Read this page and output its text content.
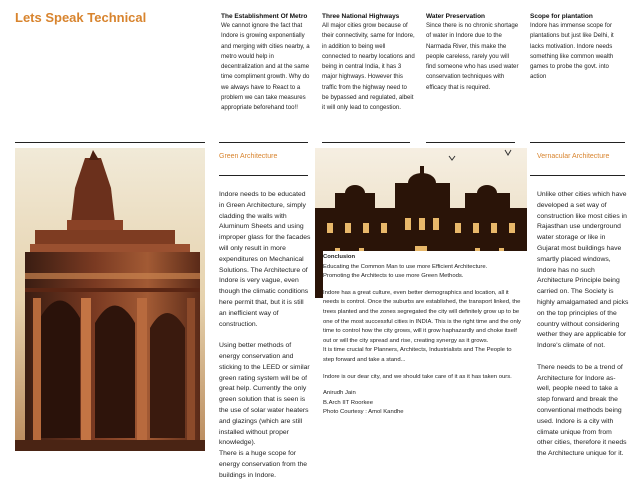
Lets Speak Technical	The Establishment Of Metro
We cannot ignore the fact that
Indore is growing exponentially
and merging with cities nearby, a
metro would help in
decentralization and at the same
time compliment growth. Why do
we always have to React to a
problem we can take measures
appropriate beforehand too!!
Three National Highways
All major cities grow because of
their connectivity, same for Indore,
in addition to being well
connected to nearby locations and
being in central India, it has 3
major highways. However this
traffic from the highway need to
be bypassed and regulated, albeit
it will only lead to congestion.
Water Preservation
Since there is no chronic shortage
of water in Indore due to the
Narmada River, this make the
people careless, rarely you will
find someone who has used water
conservation techniques with
efficacy that is required.
Scope for plantation
Indore has immense scope for
plantations but just like Delhi, it
lacks motivation. Indore needs
something like common wealth
games to probe the govt. into
action
Green Architecture	Vernacular Architecture
Indore needs to be educated
in Green Architecture, simply
cladding the walls with
Aluminum Sheets and using
improper glass for the facades
will only result in more
expenditures on Mechanical
Solutions. The Architecture of
Indore is very vague, even
though the climatic conditions
here permit that, but it is still
an inefficient way of
construction.

Using better methods of
energy conservation and
sticking to the LEED or similar
green rating system will be of
great help. Currently the only
green solution that is seen is
the use of solar water heaters
and glazings (which are still
installed without proper
knowledge).
There is a huge scope for
energy conservation from the
buildings in Indore.
Unlike other cities which have
developed a set way of
construction like most cities in
Rajasthan use underground
water storage or like in
Gujarat most buildings have
smartly placed windows,
Indore has no such
Architecture Principle being
carried on. The Society is
highly amalgamated and picks
on the top principles of the
country without considering
wether they are applicable for
Indore's climate of not.

There needs to be a trend of
Architecture for Indore as-
well, people need to take a
step forward and break the
conventional methods being
used. Indore is a city with
climate unique from from
other cities, therefore it needs
the Architecture unique for it.
Conclusion
Educating the Common Man to use more Efficient Architecture.
Promoting the Architects to use more Green Methods.
Indore has a great culture, even better demographics and location, all it
needs is control. Once the suburbs are established, the transport linked, the
trees planted and the zones segregated the city will definitely grow up to be
one of the most successful cities in INDIA. This is the right time and the only
time to control how the city grows, will it grow haphazardly and choke itself
out or will the city spread and rise, creating synergy as it grows.
It is time crucial for Planners, Architects, Industrialists and The People to
step forward and take a stand...
Indore is our dear city, and we should take care of it as it has taken ours.
Anirudh Jain
B.Arch IIT Roorkee
Photo Courtesy : Amol Kandhe
